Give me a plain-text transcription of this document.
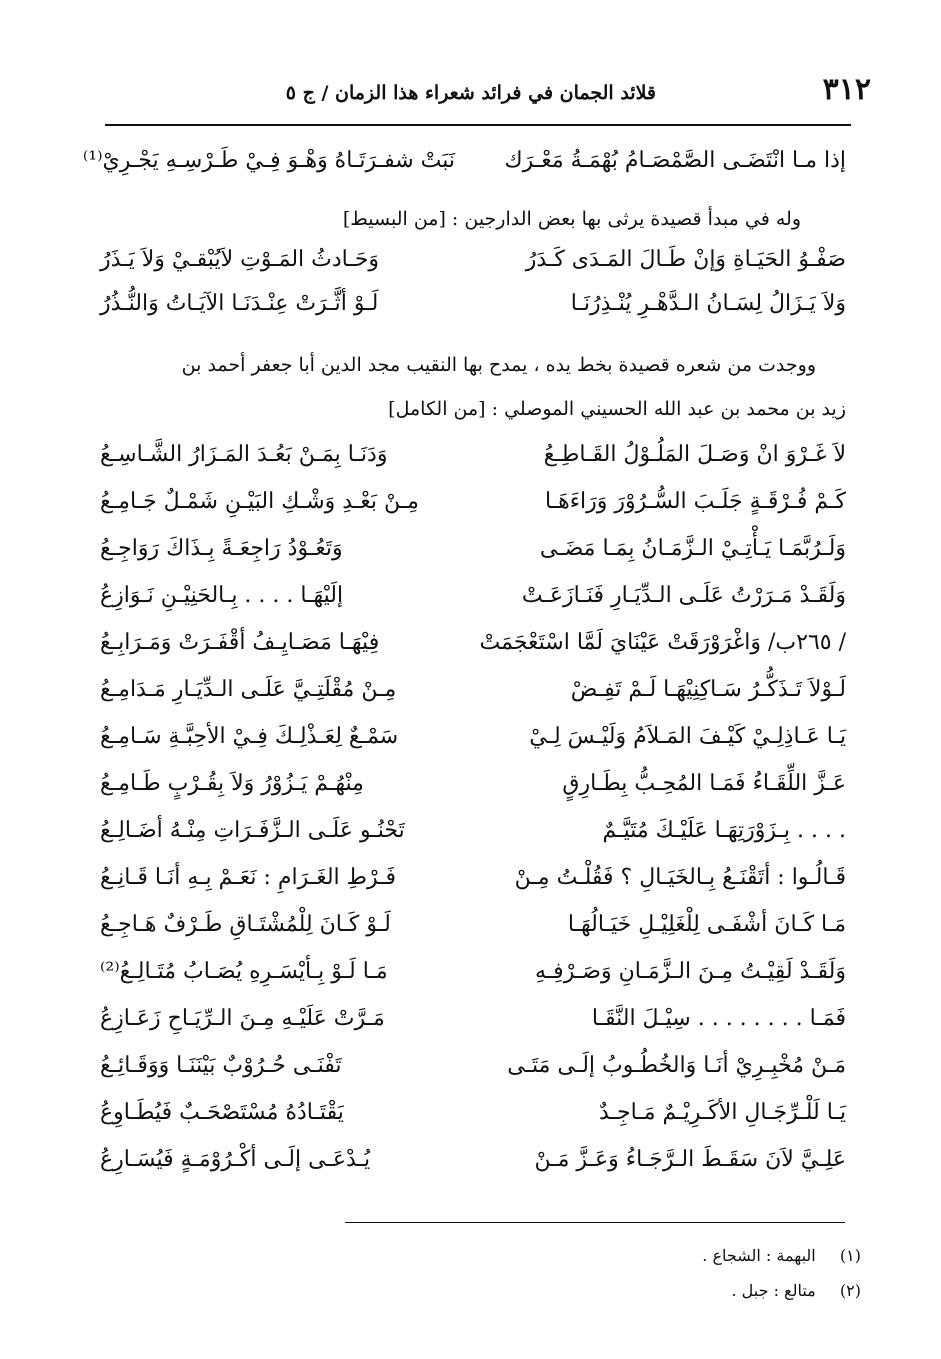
٣١٢
قلائد الجمان في فرائد شعراء هذا الزمان / ج ٥
إذا مـا انْتَضَـى الصَّمْصَـامُ بُهْمَـةُ مَعْـرَك
نَبَتْ شفـرَتَـاهُ وَهْـوَ فِـيْ طَـرْسِـهِ يَجْـرِيْ⁽¹⁾
وله في مبدأ قصيدة يرثى بها بعض الدارجين : [من البسيط]
صَفْـوُ الحَيَـاةِ وَإنْ طَـالَ المَـدَى كَـدَرُ
وَحَـادثُ المَـوْتِ لاَيُبْقـيْ وَلاَ يَـذَرُ
وَلاَ يَـزَالُ لِسَـانُ الـدَّهْـرِ يُنْـذِرُنَـا
لَـوْ أثَّـرَتْ عِنْـدَنَـا الآيَـاتُ وَالنُّـذُرُ
ووجدت من شعره قصيدة بخط يده ، يمدح بها النقيب مجد الدين أبا جعفر أحمد بن
زيد بن محمد بن عبد الله الحسيني الموصلي : [من الكامل]
لاَ غَـرْوَ انْ وَصَـلَ المَلُـوْلُ القَـاطِـعُ
وَدَنَـا بِمَـنْ بَعُـدَ المَـزَارُ الشَّـاسِـعُ
كَـمْ فُـرْقَـةٍ جَلَـبَ السُّـرُوْرَ وَرَاءَهَـا
مِـنْ بَعْـدِ وَشْـكِ البَيْـنِ شَمْـلٌ جَـامِـعُ
وَلَـرُبَّمَـا يَـأْتِـيْ الـزَّمَـانُ بِمَـا مَضَـى
وَتَعُـوْدُ رَاجِعَـةً بِـذَاكَ رَوَاجِـعُ
وَلَقَـدْ مَـرَرْتُ عَلَـى الـدِّيَـارِ فَنَـازَعَـتْ
إلَيْهَـا . . . . بِـالحَنِيْـنِ نَـوَازِعُ
/ ٢٦٥ب/ وَاغْرَوْرَقَتْ عَيْنَايَ لَمَّا اسْتَعْجَمَتْ
فِيْهَـا مَصَـايِـفُ أقْفَـرَتْ وَمَـرَابِـعُ
لَـوْلاَ تَـذَكُّـرُ سَـاكِنِيْهَـا لَـمْ تَفِـضْ
مِـنْ مُقْلَتِـيَّ عَلَـى الـدِّيَـارِ مَـدَامِـعُ
يَـا عَـاذِلِـيْ كَيْـفَ المَـلاَمُ وَلَيْـسَ لِـيْ
سَمْـعٌ لِعَـذْلِـكَ فِـيْ الأحِبَّـةِ سَـامِـعُ
عَـزَّ اللِّقَـاءُ فَمَـا المُحِـبُّ بِطَـارِقٍ
مِنْهُـمْ يَـزُوْرُ وَلاَ بِقُـرْبٍ طَـامِـعُ
. . . . بِـزَوْرَتِهَـا عَلَيْـكَ مُتَيَّـمٌ
تَحْنُـو عَلَـى الـزَّفَـرَاتِ مِنْـهُ أضَـالِـعُ
قَـالُـوا : أتَقْنَـعُ بِـالخَيَـالِ ؟ فَقُلْـتُ مِـنْ
فَـرْطِ الغَـرَامِ : نَعَـمْ بِـهِ أنَـا قَـانِـعُ
مَـا كَـانَ أشْفَـى لِلْغَلِيْـلِ خَيَـالُهَـا
لَـوْ كَـانَ لِلْمُشْتَـاقِ طَـرْفٌ هَـاجِـعُ
وَلَقَـدْ لَقِيْـتُ مِـنَ الـزَّمَـانِ وَصَـرْفِـهِ
مَـا لَـوْ بِـأيْسَـرِهِ يُصَـابُ مُتَـالِـعُ⁽²⁾
فَمَـا . . . . . . . . سِيْـلَ النَّقَـا
مَـرَّتْ عَلَيْـهِ مِـنَ الـرِّيَـاحِ زَعَـازِعُ
مَـنْ مُخْبِـرِيْ أنَـا وَالخُطُـوبُ إلَـى مَتَـى
تَفْنَـى حُـرُوْبٌ بَيْنَنَـا وَوَقَـائِـعُ
يَـا لَلْـرِّجَـالِ الأكَـرِيْـمٌ مَـاجِـدٌ
يَقْتَـادُهُ مُسْتَصْحَـبٌ فَيُطَـاوِعُ
عَلِـيَّ لاَنَ سَقَـطَ الـرَّجَـاءُ وَعَـزَّ مَـنْ
يُـدْعَـى إلَـى أكْـرُوْمَـةٍ فَيُسَـارِعُ
(١)  البهمة : الشجاع .
(٢)  متالع : جبل .
